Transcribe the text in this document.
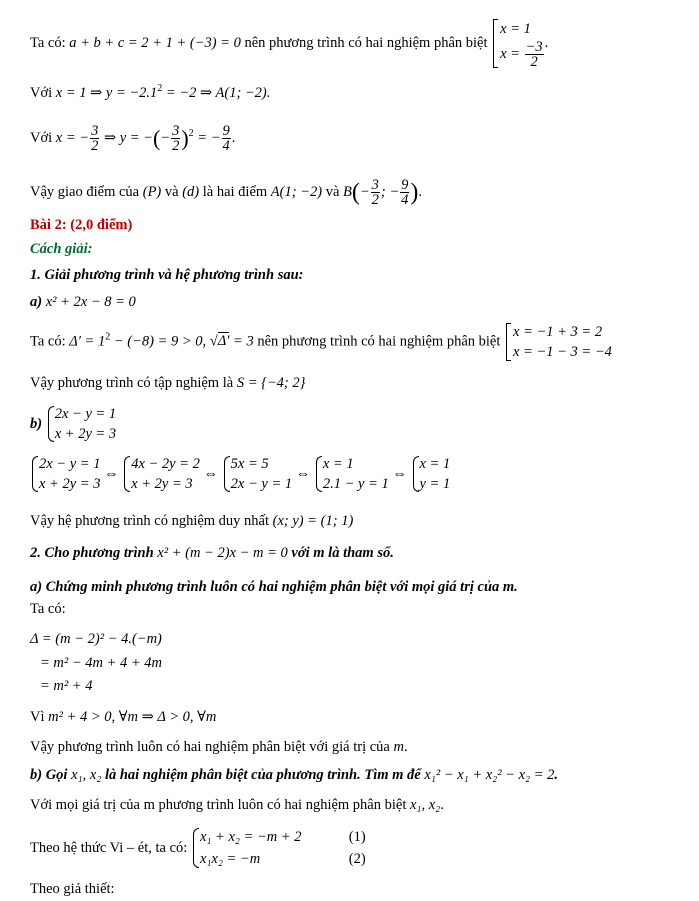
Ta có: a + b + c = 2 + 1 + (−3) = 0 nên phương trình có hai nghiệm phân biệt
x = 1
$x = \frac{-3}{2}$ .
Với x = 1 ⇒ $y = -2.1^2 = -2$ ⇒ A(1; −2).
Với x = − $\frac{3}{2}$ ⇒ y = −(− $\frac{3}{2} )^2$ = − $\frac{9}{4}$ .
Vậy giao điểm của (P) và (d) là hai điểm A(1; −2) và $B(- \frac{3}{2}$ ; − $\frac{9}{4}$ ).
Bài 2: (2,0 điểm)
Cách giải:
1. Giải phương trình và hệ phương trình sau:
a) x² + 2x − 8 = 0
Ta có: $\Delta' = 1^2 - (-8) = 9 > 0$, √Δ′ = 3 nên phương trình có hai nghiệm phân biệt
x = −1 + 3 = 2
x = −1 − 3 = −4
Vậy phương trình có tập nghiệm là S = {−4; 2}
b)
2x − y = 1
x + 2y = 3
2x − y = 1
x + 2y = 3
⇔
4x − 2y = 2
x + 2y = 3
⇔
5x = 5
2x − y = 1
⇔
x = 1
2.1 − y = 1
⇔
x = 1
y = 1
Vậy hệ phương trình có nghiệm duy nhất (x; y) = (1; 1)
2. Cho phương trình x² + (m − 2)x − m = 0 với m là tham số.
a) Chứng minh phương trình luôn có hai nghiệm phân biệt với mọi giá trị của m.
Ta có:
Δ = (m − 2)² − 4.(−m)
= m² − 4m + 4 + 4m
= m² + 4
Vì m² + 4 > 0, ∀m ⇒ Δ > 0, ∀m
Vậy phương trình luôn có hai nghiệm phân biệt với giá trị của m.
b) Gọi x₁, x₂ là hai nghiệm phân biệt của phương trình. Tìm m để x₁² − x₁ + x₂² − x₂ = 2.
Với mọi giá trị của m phương trình luôn có hai nghiệm phân biệt x₁, x₂.
Theo hệ thức Vi – ét, ta có:
x₁ + x₂ = −m + 2
x₁x₂ = −m

(1)
(2)
Theo giả thiết:
